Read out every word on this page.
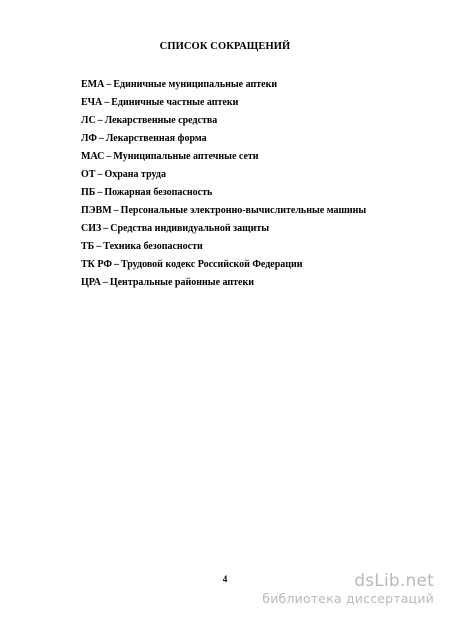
СПИСОК СОКРАЩЕНИЙ
ЕМА – Единичные муниципальные аптеки
ЕЧА – Единичные частные аптеки
ЛС – Лекарственные средства
ЛФ – Лекарственная форма
МАС – Муниципальные аптечные сети
ОТ – Охрана труда
ПБ – Пожарная безопасность
ПЭВМ – Персональные электронно-вычислительные машины
СИЗ – Средства индивидуальной защиты
ТБ – Техника безопасности
ТК РФ – Трудовой кодекс Российской Федерации
ЦРА – Центральные районные аптеки
4	dsLib.net
библиотека диссертаций
